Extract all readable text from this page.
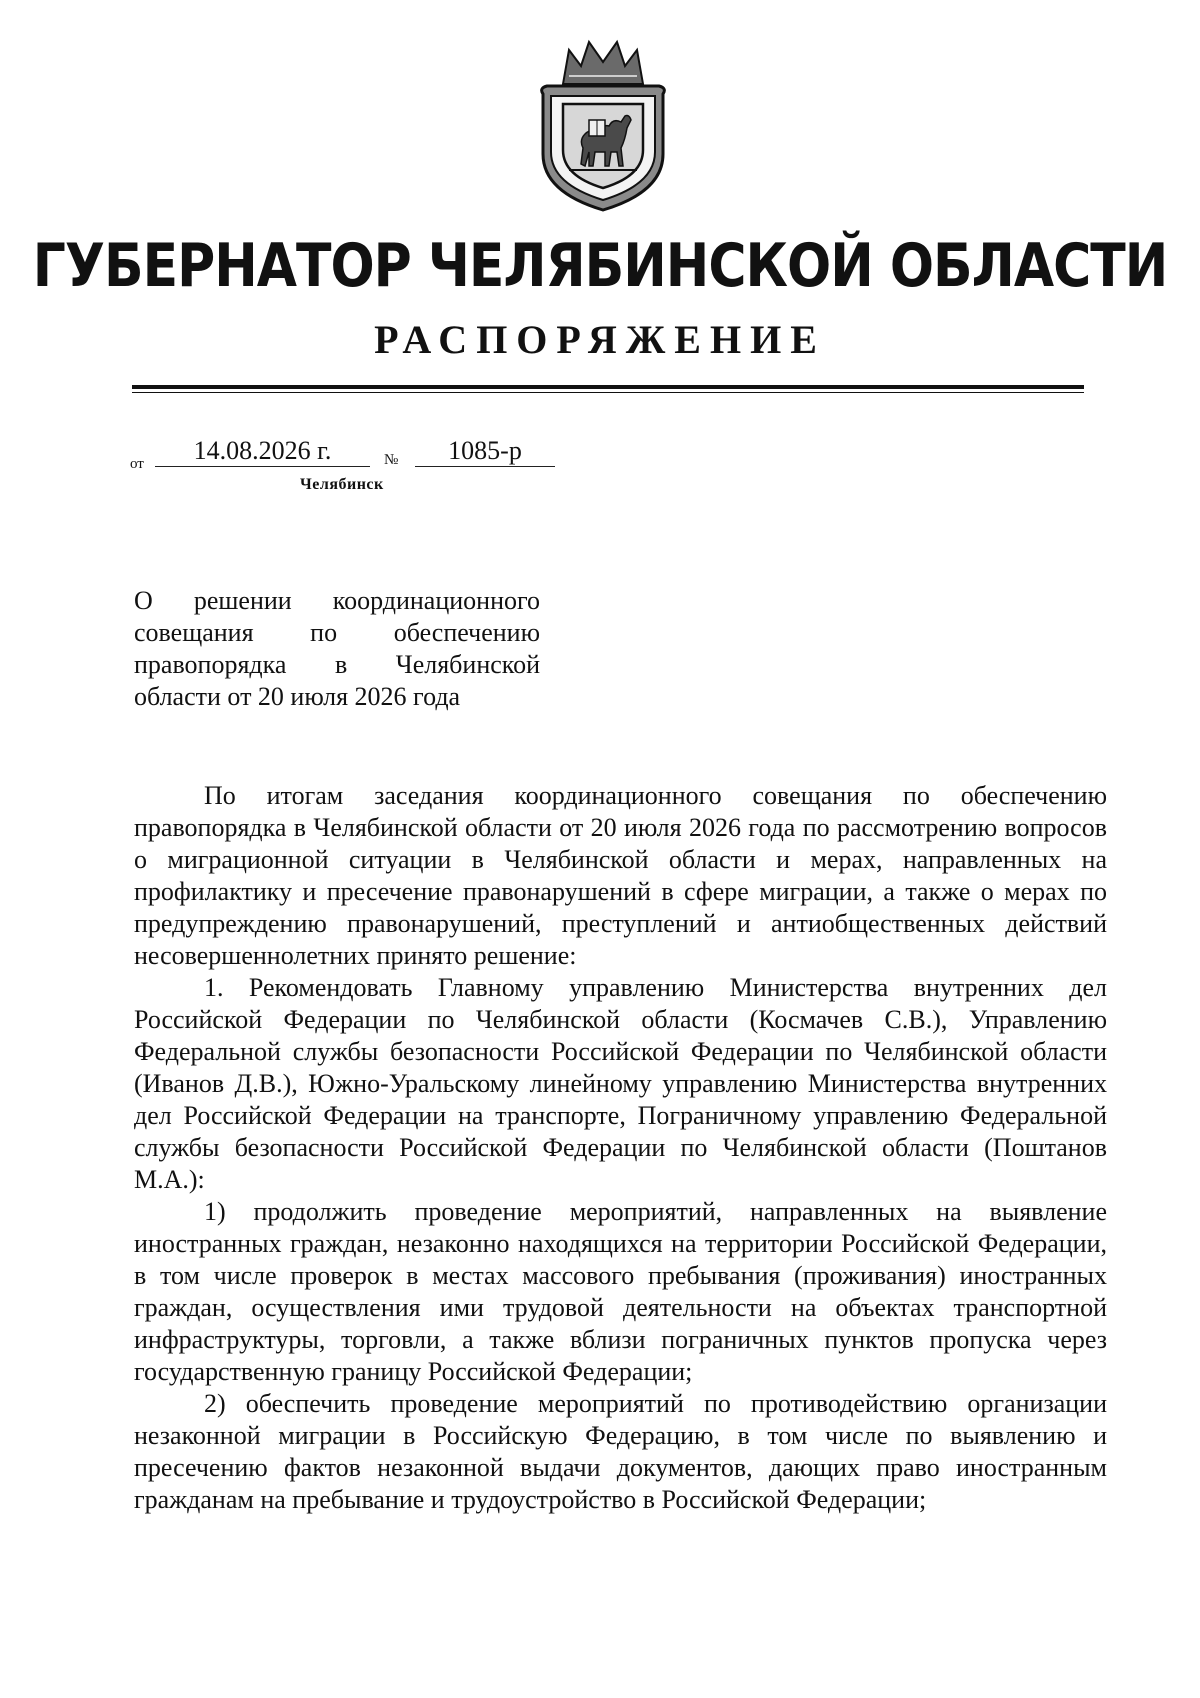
ГУБЕРНАТОР ЧЕЛЯБИНСКОЙ ОБЛАСТИ
РАСПОРЯЖЕНИЕ
от	14.08.2026 г.	№	1085-р
Челябинск

О решении координационного

совещания по обеспечению

правопорядка в Челябинской

области от 20 июля 2026 года

По итогам заседания координационного совещания по обеспечению правопорядка в Челябинской области от 20 июля 2026 года по рассмотрению вопросов о миграционной ситуации в Челябинской области и мерах, направленных на профилактику и пресечение правонарушений в сфере миграции, а также о мерах по предупреждению правонарушений, преступлений и антиобщественных действий несовершеннолетних принято решение:

1. Рекомендовать Главному управлению Министерства внутренних дел Российской Федерации по Челябинской области (Космачев С.В.), Управлению Федеральной службы безопасности Российской Федерации по Челябинской области (Иванов Д.В.), Южно-Уральскому линейному управлению Министерства внутренних дел Российской Федерации на транспорте, Пограничному управлению Федеральной службы безопасности Российской Федерации по Челябинской области (Поштанов М.А.):

1) продолжить проведение мероприятий, направленных на выявление иностранных граждан, незаконно находящихся на территории Российской Федерации, в том числе проверок в местах массового пребывания (проживания) иностранных граждан, осуществления ими трудовой деятельности на объектах транспортной инфраструктуры, торговли, а также вблизи пограничных пунктов пропуска через государственную границу Российской Федерации;

2) обеспечить проведение мероприятий по противодействию организации незаконной миграции в Российскую Федерацию, в том числе по выявлению и пресечению фактов незаконной выдачи документов, дающих право иностранным гражданам на пребывание и трудоустройство в Российской Федерации;
